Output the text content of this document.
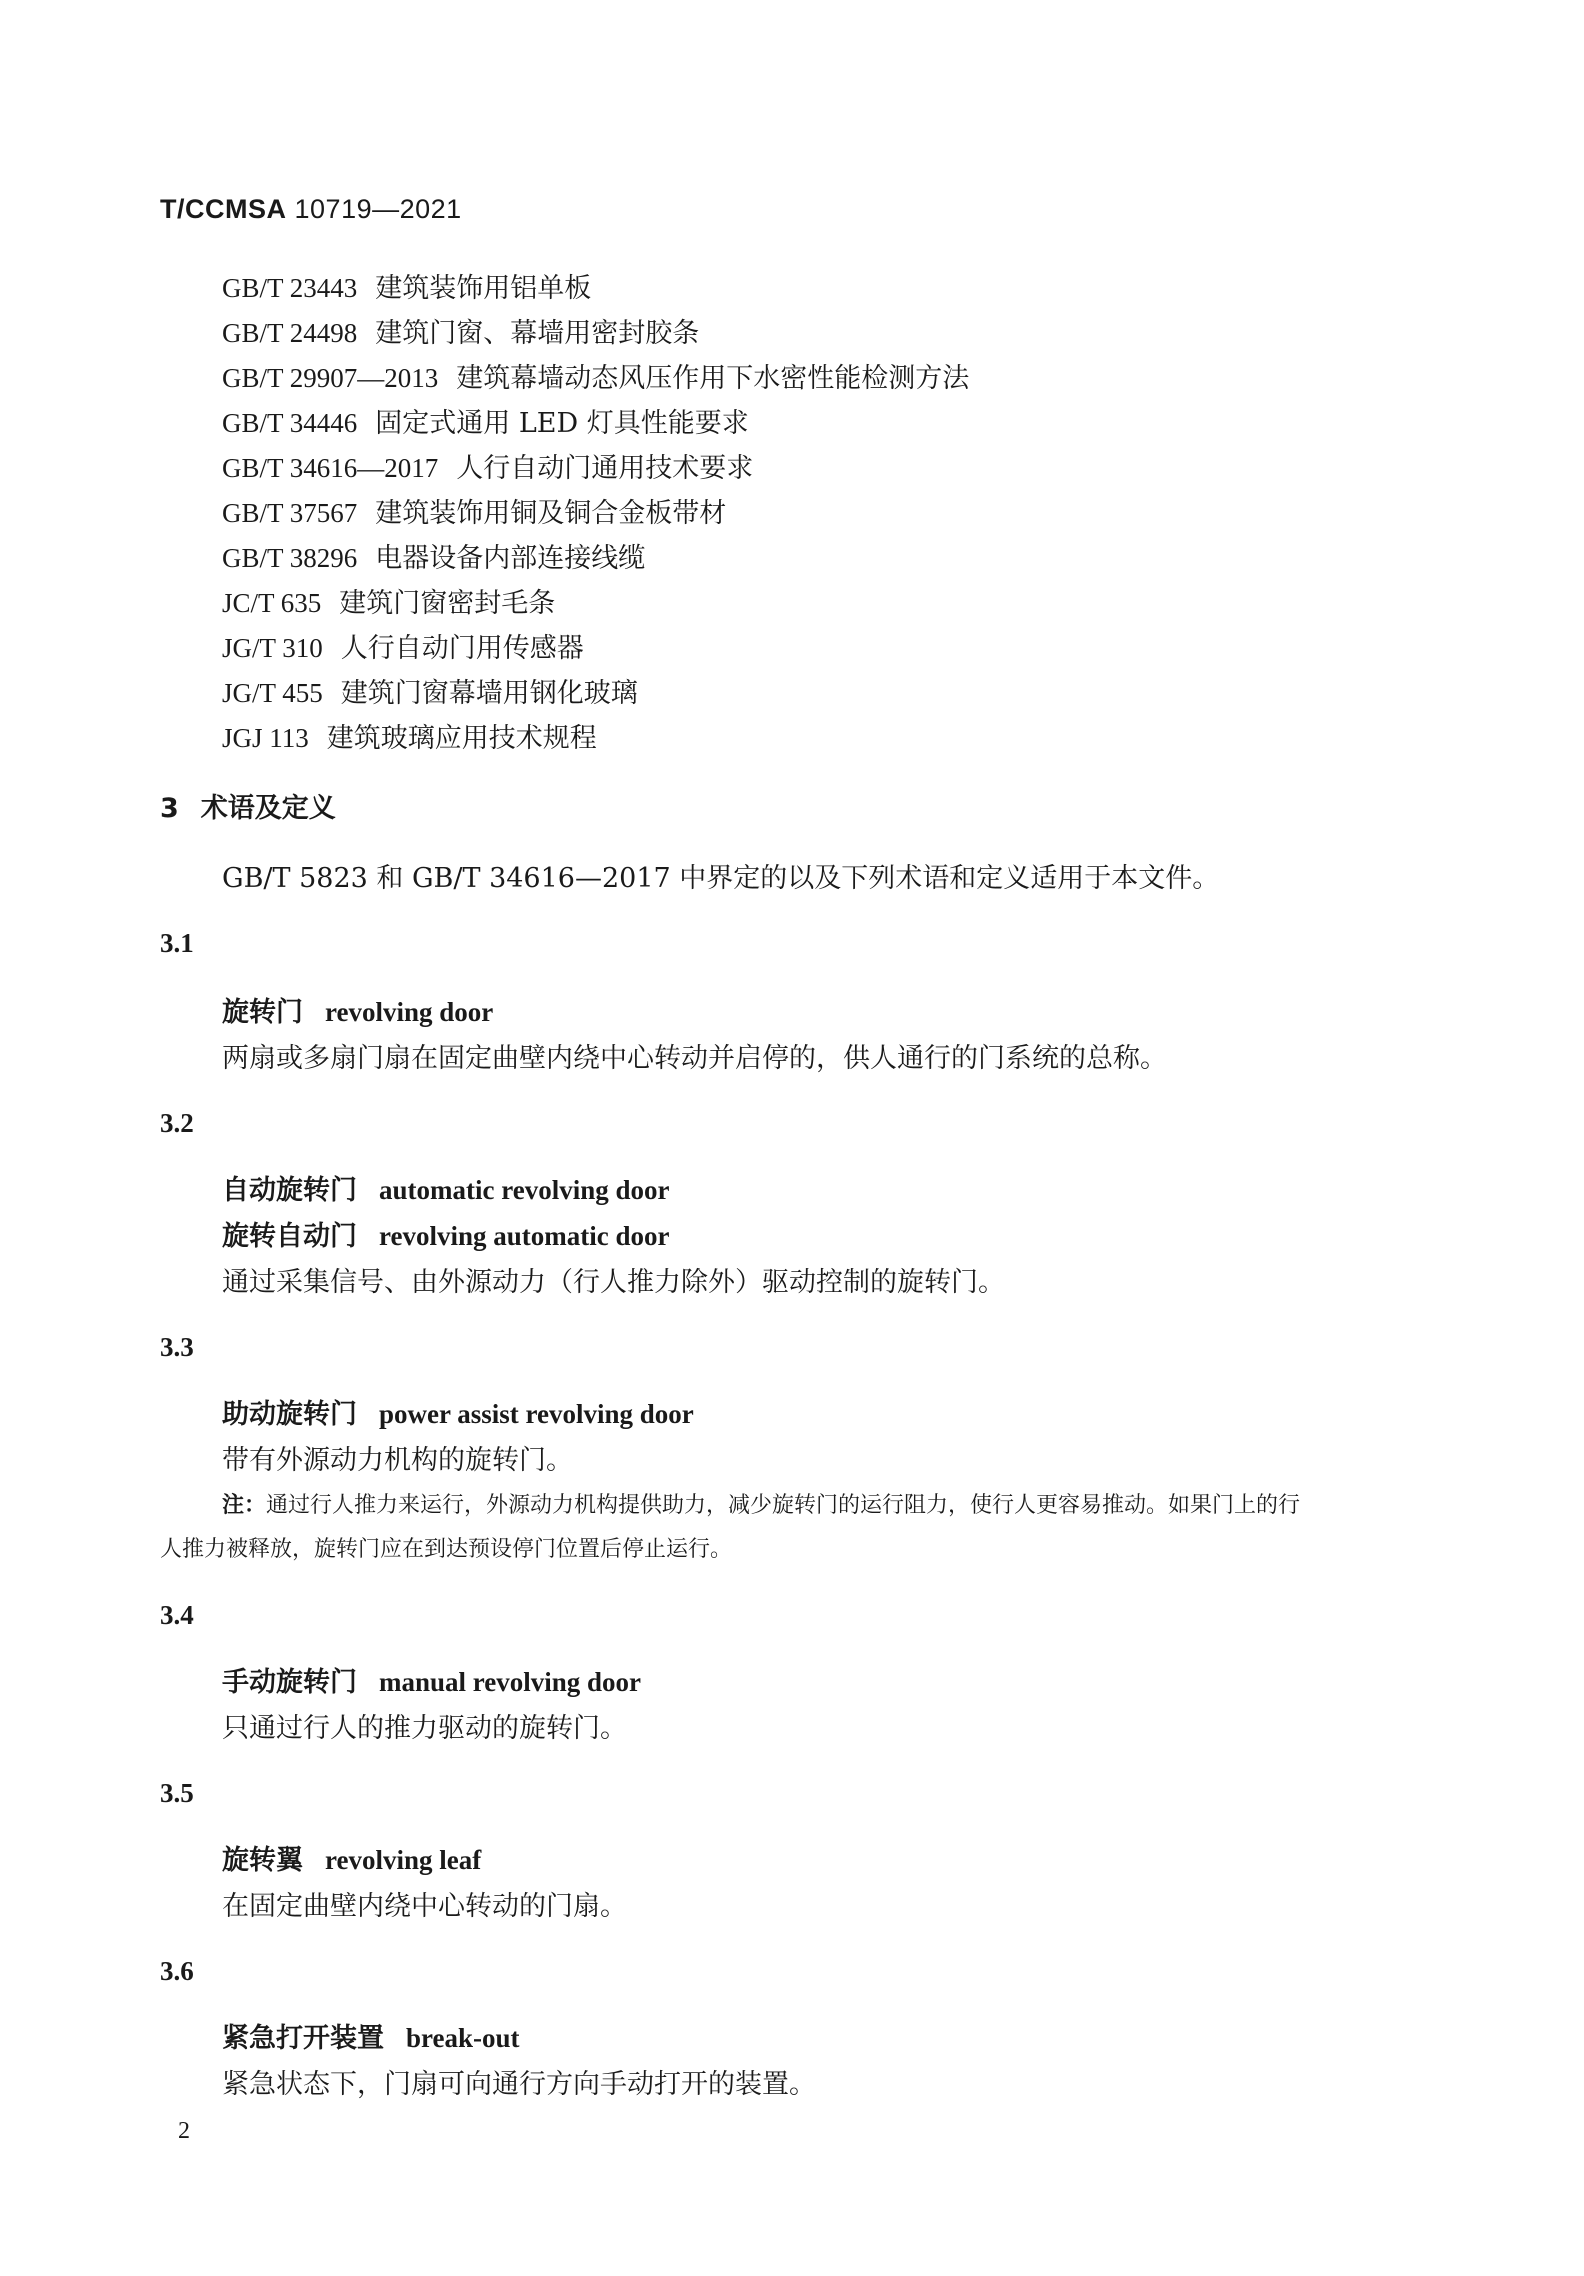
T/CCMSA 10719—2021
GB/T 23443 建筑装饰用铝单板
GB/T 24498 建筑门窗、幕墙用密封胶条
GB/T 29907—2013 建筑幕墙动态风压作用下水密性能检测方法
GB/T 34446 固定式通用 LED 灯具性能要求
GB/T 34616—2017 人行自动门通用技术要求
GB/T 37567 建筑装饰用铜及铜合金板带材
GB/T 38296 电器设备内部连接线缆
JC/T 635 建筑门窗密封毛条
JG/T 310 人行自动门用传感器
JG/T 455 建筑门窗幕墙用钢化玻璃
JGJ 113 建筑玻璃应用技术规程
3 术语及定义
GB/T 5823 和 GB/T 34616—2017 中界定的以及下列术语和定义适用于本文件。
3.1
旋转门 revolving door
两扇或多扇门扇在固定曲壁内绕中心转动并启停的，供人通行的门系统的总称。
3.2
自动旋转门 automatic revolving door
旋转自动门 revolving automatic door
通过采集信号、由外源动力（行人推力除外）驱动控制的旋转门。
3.3
助动旋转门 power assist revolving door
带有外源动力机构的旋转门。
注：通过行人推力来运行，外源动力机构提供助力，减少旋转门的运行阻力，使行人更容易推动。如果门上的行
人推力被释放，旋转门应在到达预设停门位置后停止运行。
3.4
手动旋转门 manual revolving door
只通过行人的推力驱动的旋转门。
3.5
旋转翼 revolving leaf
在固定曲壁内绕中心转动的门扇。
3.6
紧急打开装置 break-out
紧急状态下，门扇可向通行方向手动打开的装置。
2
